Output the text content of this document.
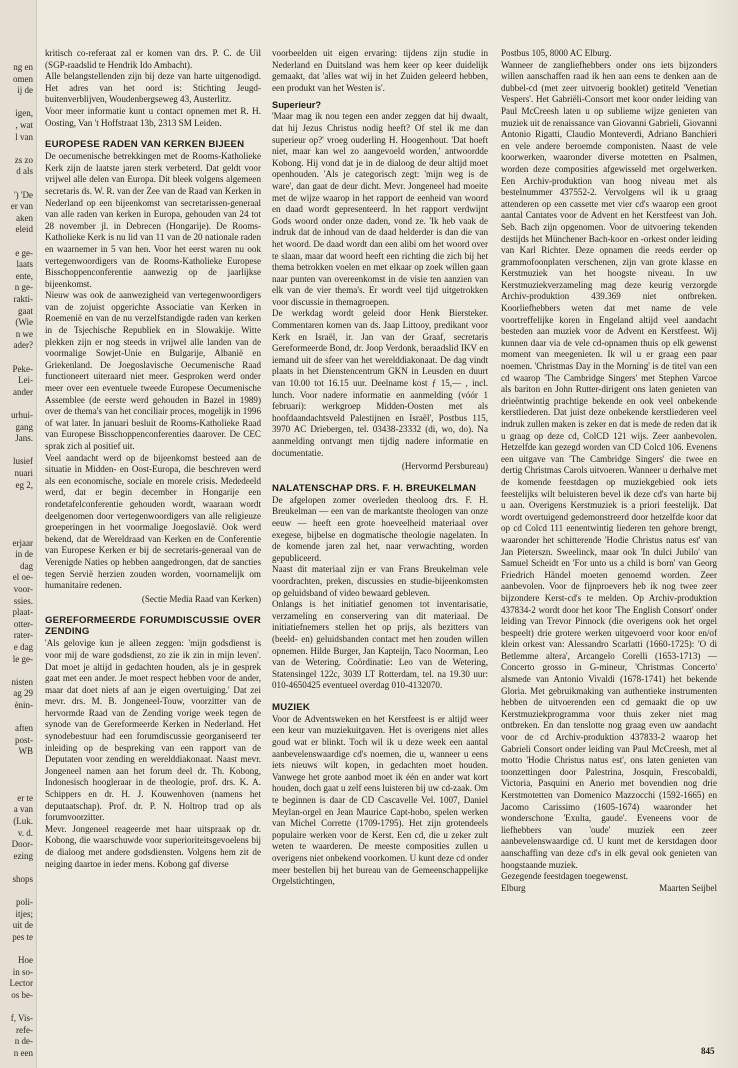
ng en
omen
ij de
igen,
, wat
l van
zs zo
d als
') 'De
er van
aken
eleid
e ge-
laats
ente,
n ge-
rakti-
gaat
(Wie
n we
ader?
Peke-
Lei-
ander
urhui-
gang
Jans.
lusief
nuari
eg 2,
erjaar
in de
dag
el oe-
voor-
ssies.
plaat-
otter-
rater-
e dag
le ge-
nisten
ag 29
ènin-
aften
post-
WB
er te
a van
(Luk.
v. d.
Door-
ezing
shops
poli-
itjes;
uit de
pes te
Hoe
in so-
Lector
os be-
f, Vis-
refe-
n de-
n een

kritisch co-referaat zal er komen van drs. P. C. de Uil (SGP-raadslid te Hendrik Ido Ambacht).

Alle belangstellenden zijn bij deze van harte uitgenodigd. Het adres van het oord is: Stichting Jeugd-buitenverblijven, Woudenbergseweg 43, Austerlitz.

Voor meer informatie kunt u contact opnemen met R. H. Oosting, Van 't Hoffstraat 13b, 2313 SM Leiden.

EUROPESE RADEN VAN KERKEN BIJEEN

De oecumenische betrekkingen met de Rooms-Katholieke Kerk zijn de laatste jaren sterk verbeterd. Dat geldt voor vrijwel alle delen van Europa. Dit bleek volgens algemeen secretaris ds. W. R. van der Zee van de Raad van Kerken in Nederland op een bijeenkomst van secretarissen-generaal van alle raden van kerken in Europa, gehouden van 24 tot 28 november jl. in Debrecen (Hongarije). De Rooms-Katholieke Kerk is nu lid van 11 van de 20 nationale raden en waarnemer in 5 van hen. Voor het eerst waren nu ook vertegenwoordigers van de Rooms-Katholieke Europese Bisschoppenconferentie aanwezig op de jaarlijkse bijeenkomst.

Nieuw was ook de aanwezigheid van vertegenwoordigers van de zojuist opgerichte Associatie van Kerken in Roemenië en van de nu verzelfstandigde raden van kerken in de Tsjechische Republiek en in Slowakije. Witte plekken zijn er nog steeds in vrijwel alle landen van de voormalige Sowjet-Unie en Bulgarije, Albanië en Griekenland. De Joegoslavische Oecumenische Raad functioneert uiteraard niet meer. Gesproken werd onder meer over een eventuele tweede Europese Oecumenische Assemblee (de eerste werd gehouden in Bazel in 1989) over de thema's van het conciliair proces, mogelijk in 1996 of wat later. In januari besluit de Rooms-Katholieke Raad van Europese Bisschoppenconferenties daarover. De CEC sprak zich al positief uit.

Veel aandacht werd op de bijeenkomst besteed aan de situatie in Midden- en Oost-Europa, die beschreven werd als een economische, sociale en morele crisis. Mededeeld werd, dat er begin december in Hongarije een rondetafelconferentie gehouden wordt, waaraan wordt deelgenomen door vertegenwoordigers van alle religieuze groeperingen in het voormalige Joegoslavië. Ook werd bekend, dat de Wereldraad van Kerken en de Conferentie van Europese Kerken er bij de secretaris-generaal van de Verenigde Naties op hebben aangedrongen, dat de sancties tegen Servië herzien zouden worden, voornamelijk om humanitaire redenen.

(Sectie Media Raad van Kerken)

GEREFORMEERDE FORUMDISCUSSIE OVER ZENDING

'Als gelovige kun je alleen zeggen: 'mijn godsdienst is voor mij de ware godsdienst, zo zie ik zin in mijn leven'. Dat moet je altijd in gedachten houden, als je in gesprek gaat met een ander. Je moet respect hebben voor de ander, maar dat doet niets af aan je eigen overtuiging.' Dat zei mevr. drs. M. B. Jongeneel-Touw, voorzitter van de hervormde Raad van de Zending vorige week tegen de synode van de Gereformeerde Kerken in Nederland. Het synodebestuur had een forumdiscussie georganiseerd ter inleiding op de bespreking van een rapport van de Deputaten voor zending en werelddiakonaat. Naast mevr. Jongeneel namen aan het forum deel dr. Th. Kobong, Indonesisch hoogleraar in de theologie, prof. drs. K. A. Schippers en dr. H. J. Kouwenhoven (namens het deputaatschap). Prof. dr. P. N. Holtrop trad op als forumvoorzitter.

Mevr. Jongeneel reageerde met haar uitspraak op dr. Kobong, die waarschuwde voor superioriteitsgevoelens bij de dialoog met andere godsdiensten. Volgens hem zit de neiging daartoe in ieder mens. Kobong gaf diverse

voorbeelden uit eigen ervaring: tijdens zijn studie in Nederland en Duitsland was hem keer op keer duidelijk gemaakt, dat 'alles wat wij in het Zuiden geleerd hebben, een produkt van het Westen is'.

Superieur?

'Maar mag ik nou tegen een ander zeggen dat hij dwaalt, dat hij Jezus Christus nodig heeft? Of stel ik me dan superieur op?' vroeg ouderling H. Hoogenhout. 'Dat hoeft niet, maar kan wel zo aangevoeld worden,' antwoordde Kobong. Hij vond dat je in de dialoog de deur altijd moet openhouden. 'Als je categorisch zegt: 'mijn weg is de ware', dan gaat de deur dicht. Mevr. Jongeneel had moeite met de wijze waarop in het rapport de eenheid van woord en daad wordt gepresenteerd. In het rapport verdwijnt Gods woord onder onze daden, vond ze. 'Ik heb vaak de indruk dat de inhoud van de daad helderder is dan die van het woord. De daad wordt dan een alibi om het woord over te slaan, maar dat woord heeft een richting die zich bij het thema betrokken voelen en met elkaar op zoek willen gaan naar punten van overeenkomst in de visie ten aanzien van elk van de vier thema's. Er wordt veel tijd uitgetrokken voor discussie in themagroepen.

De werkdag wordt geleid door Henk Biersteker. Commentaren komen van ds. Jaap Littooy, predikant voor Kerk en Israël, ir. Jan van der Graaf, secretaris Gereformeerde Bond, dr. Joop Verdonk, beraadslid IKV en iemand uit de sfeer van het werelddiakonaat. De dag vindt plaats in het Dienstencentrum GKN in Leusden en duurt van 10.00 tot 16.15 uur. Deelname kost ƒ 15,— , incl. lunch. Voor nadere informatie en aanmelding (vóór 1 februari): werkgroep Midden-Oosten met als hoofdaandachtsveld Palestijnen en Israël', Postbus 115, 3970 AC Driebergen, tel. 03438-23332 (di, wo, do). Na aanmelding ontvangt men tijdig nadere informatie en documentatie.

(Hervormd Persbureau)

NALATENSCHAP DRS. F. H. BREUKELMAN

De afgelopen zomer overleden theoloog drs. F. H. Breukelman — een van de markantste theologen van onze eeuw — heeft een grote hoeveelheid materiaal over exegese, bijbelse en dogmatische theologie nagelaten. In de komende jaren zal het, naar verwachting, worden gepubliceerd.

Naast dit materiaal zijn er van Frans Breukelman vele voordrachten, preken, discussies en studie-bijeenkomsten op geluidsband of video bewaard gebleven.

Onlangs is het initiatief genomen tot inventarisatie, verzameling en conservering van dit materiaal. De initiatiefnemers stellen het op prijs, als bezitters van (beeld- en) geluidsbanden contact met hen zouden willen opnemen. Hilde Burger, Jan Kapteijn, Taco Noorman, Leo van de Wetering. Coördinatie: Leo van de Wetering, Statensingel 122c, 3039 LT Rotterdam, tel. na 19.30 uur: 010-4650425 eventueel overdag 010-4132070.

MUZIEK

Voor de Adventsweken en het Kerstfeest is er altijd weer een keur van muziekuitgaven. Het is overigens niet alles goud wat er blinkt. Toch wil ik u deze week een aantal aanbevelenswaardige cd's noemen, die u, wanneer u eens iets nieuws wilt kopen, in gedachten moet houden. Vanwege het grote aanbod moet ik één en ander wat kort houden, doch gaat u zelf eens luisteren bij uw cd-zaak. Om te beginnen is daar de CD Cascavelle Vel. 1007, Daniel Meylan-orgel en Jean Maurice Capt-hobo, spelen werken van Michel Corrette (1709-1795). Het zijn grotendeels populaire werken voor de Kerst. Een cd, die u zeker zult weten te waarderen. De meeste composities zullen u overigens niet onbekend voorkomen. U kunt deze cd onder meer bestellen bij het bureau van de Gemeenschappelijke Orgelstichtingen,

Postbus 105, 8000 AC Elburg.

Wanneer de zangliefhebbers onder ons iets bijzonders willen aanschaffen raad ik hen aan eens te denken aan de dubbel-cd (met zeer uitvoerig booklet) getiteld 'Venetian Vespers'. Het Gabriëli-Consort met koor onder leiding van Paul McCreesh laten u op sublieme wijze genieten van muziek uit de renaissance van Giovanni Gabrieli, Giovanni Antonio Rigatti, Claudio Monteverdi, Adriano Banchieri en vele andere beroemde componisten. Naast de vele koorwerken, waaronder diverse motetten en Psalmen, worden deze composities afgewisseld met orgelwerken. Een Archiv-produktion van hoog niveau met als bestelnummer 437552-2. Vervolgens wil ik u graag attenderen op een cassette met vier cd's waarop een groot aantal Cantates voor de Advent en het Kerstfeest van Joh. Seb. Bach zijn opgenomen. Voor de uitvoering tekenden destijds het Münchener Bach-koor en -orkest onder leiding van Karl Richter. Deze opnamen die reeds eerder op grammofoonplaten verschenen, zijn van grote klasse en Kerstmuziek van het hoogste niveau. In uw Kerstmuziekverzameling mag deze keurig verzorgde Archiv-produktion 439.369 niet ontbreken. Koorliefhebbers weten dat met name de vele voortreffelijke koren in Engeland altijd veel aandacht besteden aan muziek voor de Advent en Kerstfeest. Wij kunnen daar via de vele cd-opnamen thuis op elk gewenst moment van meegenieten. Ik wil u er graag een paar noemen. 'Christmas Day in the Morning' is de titel van een cd waarop 'The Cambridge Singers' met Stephen Varcoe als bariton en John Rutter-dirigent ons laten genieten van drieëntwintig prachtige bekende en ook veel onbekende kerstliederen. Dat juist deze onbekende kerstliederen veel indruk zullen maken is zeker en dat is mede de reden dat ik u graag op deze cd, ColCD 121 wijs. Zeer aanbevolen. Hetzelfde kan gezegd worden van CD Colcd 106. Evenens een uitgave van 'The Cambridge Singers' die twee en dertig Christmas Carols uitvoeren. Wanneer u derhalve met de komende feestdagen op muziekgebied ook iets feestelijks wilt beluisteren bevel ik deze cd's van harte bij u aan. Overigens Kerstmuziek is a priori feestelijk. Dat wordt overtuigend gedemonstreerd door hetzelfde koor dat op cd Colcd 111 eenentwintig liederen ten gehore brengt, waaronder het schitterende 'Hodie Christus natus est' van Jan Pieterszn. Sweelinck, maar ook 'In dulci Jubilo' van Samuel Scheidt en 'For unto us a child is born' van Georg Friedrich Händel moeten genoemd worden. Zeer aanbevolen. Voor de fijnproevers heb ik nog twee zeer bijzondere Kerst-cd's te melden. Op Archiv-produktion 437834-2 wordt door het koor 'The English Consort' onder leiding van Trevor Pinnock (die overigens ook het orgel bespeelt) drie grotere werken uitgevoerd voor koor en/of klein orkest van: Alessandro Scarlatti (1660-1725): 'O di Betlemme altera', Arcangelo Corelli (1653-1713) — Concerto grosso in G-mineur, 'Christmas Concerto' alsmede van Antonio Vivaldi (1678-1741) het bekende Gloria. Met gebruikmaking van authentieke instrumenten hebben de uitvoerenden een cd gemaakt die op uw Kerstmuziekprogramma voor thuis zeker niet mag ontbreken. En dan tenslotte nog graag even uw aandacht voor de cd Archiv-produktion 437833-2 waarop het Gabrieli Consort onder leiding van Paul McCreesh, met al motto 'Hodie Christus natus est', ons laten genieten van toonzettingen door Palestrina, Josquin, Frescobaldi, Victoria, Pasquini en Anerio met bovendien nog drie Kerstmotetten van Domenico Mazzocchi (1592-1665) en Jacomo Carissimo (1605-1674) waaronder het wonderschone 'Exulta, gaude'. Eveneens voor de liefhebbers van 'oude' muziek een zeer aanbevelenswaardige cd. U kunt met de kerstdagen door aanschaffing van deze cd's in elk geval ook genieten van hoogstaande muziek.

Gezegende feestdagen toegewenst.

Elburg	Maarten Seijbel
845
